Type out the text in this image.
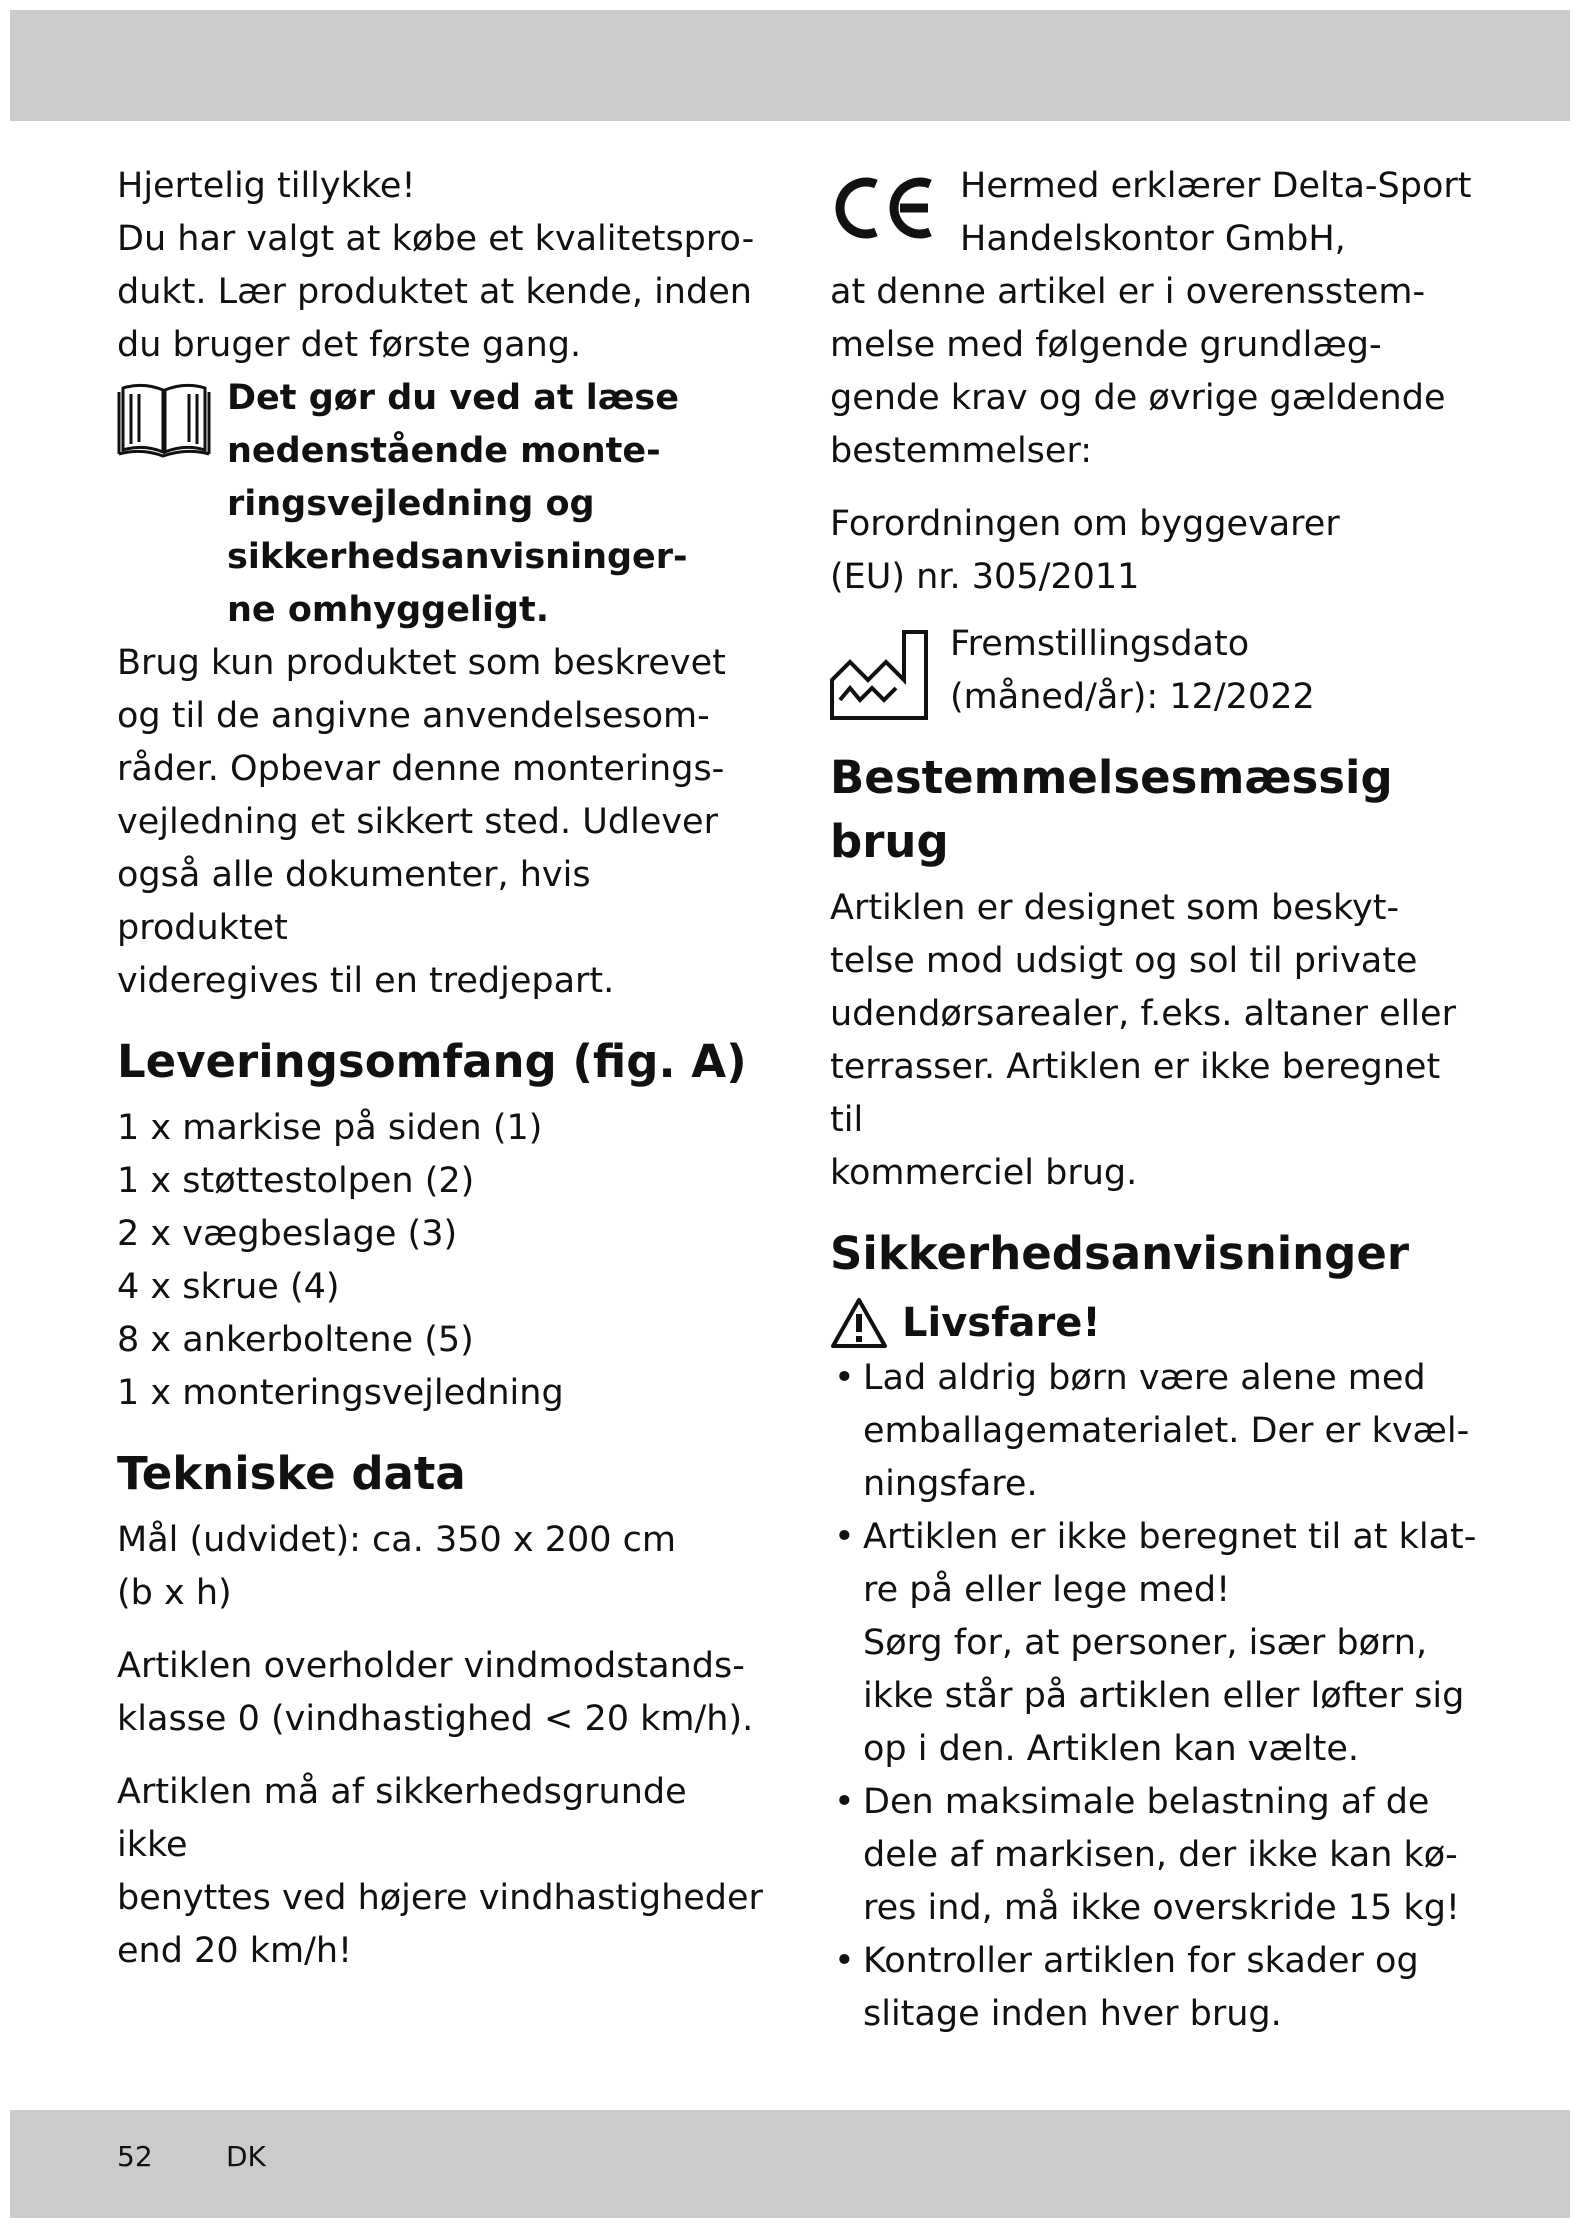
Hjertelig tillykke!
Du har valgt at købe et kvalitetspro-
dukt. Lær produktet at kende, inden
du bruger det første gang.

Det gør du ved at læse
nedenstående monte-
ringsvejledning og
sikkerhedsanvisninger-
ne omhyggeligt.

Brug kun produktet som beskrevet
og til de angivne anvendelsesom-
råder. Opbevar denne monterings-
vejledning et sikkert sted. Udlever
også alle dokumenter, hvis produktet
videregives til en tredjepart.

Leveringsomfang (fig. A)
1 x markise på siden (1)
1 x støttestolpen (2)
2 x vægbeslage (3)
4 x skrue (4)
8 x ankerboltene (5)
1 x monteringsvejledning
Tekniske data

Mål (udvidet): ca. 350 x 200 cm
(b x h)

Artiklen overholder vindmodstands-
klasse 0 (vindhastighed < 20 km/h).

Artiklen må af sikkerhedsgrunde ikke
benyttes ved højere vindhastigheder
end 20 km/h!

Hermed erklærer Delta-Sport
Handelskontor GmbH,

at denne artikel er i overensstem-
melse med følgende grundlæg-
gende krav og de øvrige gældende
bestemmelser:

Forordningen om byggevarer
(EU) nr. 305/2011

Fremstillingsdato
(måned/år): 12/2022
Bestemmelsesmæssig
brug

Artiklen er designet som beskyt-
telse mod udsigt og sol til private
udendørsarealer, f.eks. altaner eller
terrasser. Artiklen er ikke beregnet til
kommerciel brug.

Sikkerhedsanvisninger
Livsfare!
• Lad aldrig børn være alene med
emballagematerialet. Der er kvæl-
ningsfare.
• Artiklen er ikke beregnet til at klat-
re på eller lege med!
Sørg for, at personer, især børn,
ikke står på artiklen eller løfter sig
op i den. Artiklen kan vælte.
• Den maksimale belastning af de
dele af markisen, der ikke kan kø-
res ind, må ikke overskride 15 kg!
• Kontroller artiklen for skader og
slitage inden hver brug.
52	DK
